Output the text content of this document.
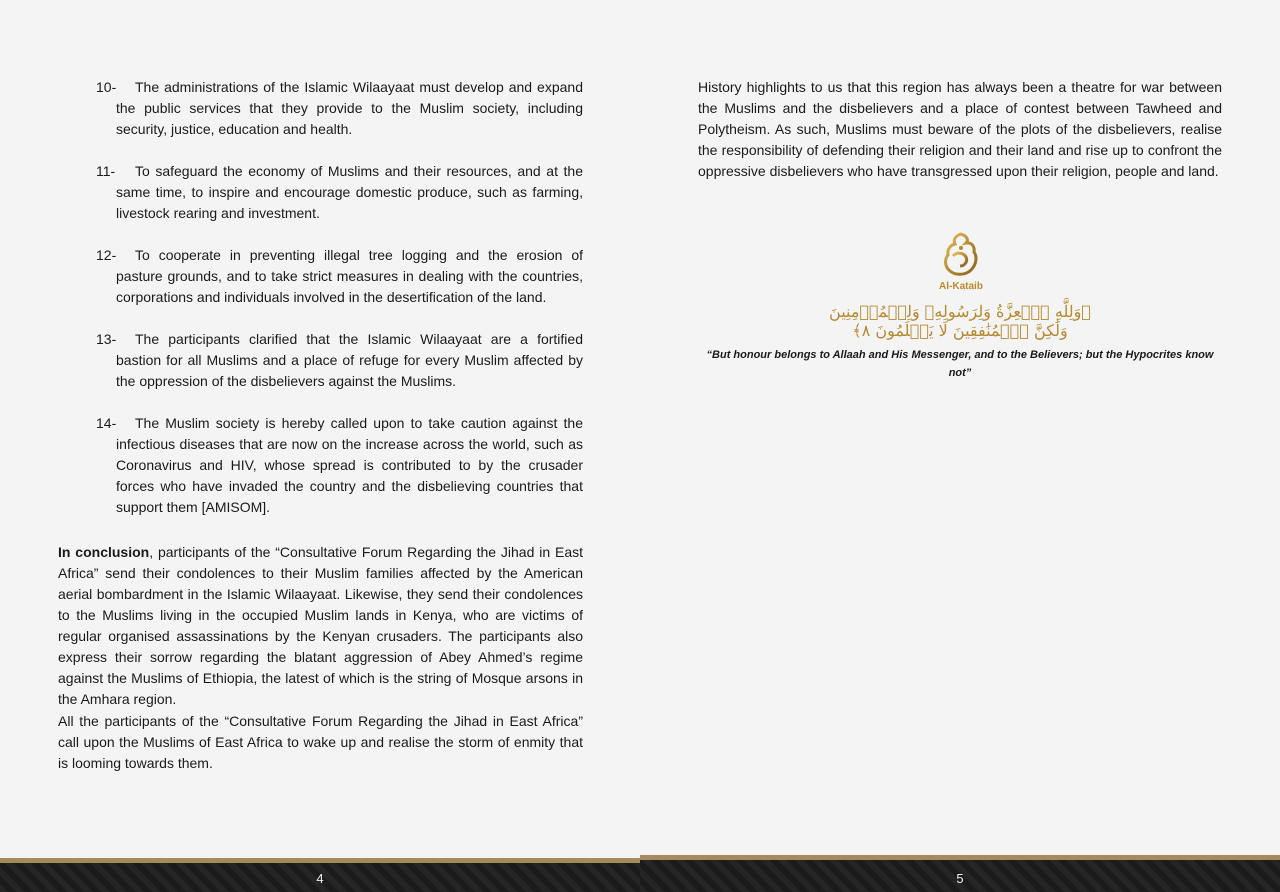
10-	The administrations of the Islamic Wilaayaat must develop and expand the public services that they provide to the Muslim society, including security, justice, education and health.
11-	To safeguard the economy of Muslims and their resources, and at the same time, to inspire and encourage domestic produce, such as farming, livestock rearing and investment.
12-	To cooperate in preventing illegal tree logging and the erosion of pasture grounds, and to take strict measures in dealing with the countries, corporations and individuals involved in the desertification of the land.
13-	The participants clarified that the Islamic Wilaayaat are a fortified bastion for all Muslims and a place of refuge for every Muslim affected by the oppression of the disbelievers against the Muslims.
14-	The Muslim society is hereby called upon to take caution against the infectious diseases that are now on the increase across the world, such as Coronavirus and HIV, whose spread is contributed to by the crusader forces who have invaded the country and the disbelieving countries that support them [AMISOM].

In conclusion, participants of the “Consultative Forum Regarding the Jihad in East Africa” send their condolences to their Muslim families affected by the American aerial bombardment in the Islamic Wilaayaat. Likewise, they send their condolences to the Muslims living in the occupied Muslim lands in Kenya, who are victims of regular organised assassinations by the Kenyan crusaders. The participants also express their sorrow regarding the blatant aggression of Abey Ahmed’s regime against the Muslims of Ethiopia, the latest of which is the string of Mosque arsons in the Amhara region.

All the participants of the “Consultative Forum Regarding the Jihad in East Africa” call upon the Muslims of East Africa to wake up and realise the storm of enmity that is looming towards them.

4

History highlights to us that this region has always been a theatre for war between the Muslims and the disbelievers and a place of contest between Tawheed and Polytheism. As such, Muslims must beware of the plots of the disbelievers, realise the responsibility of defending their religion and their land and rise up to confront the oppressive disbelievers who have transgressed upon their religion, people and land.

Al-Kataib
﴿وَلِلَّهِ ٱلۡعِزَّةُ وَلِرَسُولِهِۦ وَلِلۡمُؤۡمِنِينَ وَلَٰكِنَّ ٱلۡمُنَٰفِقِينَ لَا يَعۡلَمُونَ ٨﴾
“But honour belongs to Allaah and His Messenger, and to the Believers; but the Hypocrites know not”
5
